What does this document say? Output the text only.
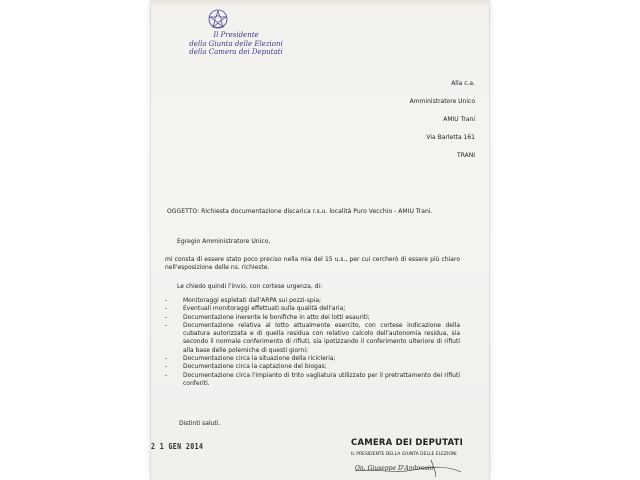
Il Presidente
della Giunta delle Elezioni
della Camera dei Deputati
Alla c.a.
Amministratore Unico
AMIU Trani
Via Barletta 161
TRANI
OGGETTO: Richiesta documentazione discarica r.s.u. località Puro Vecchio - AMIU Trani.
Egregio Amministratore Unico,
mi consta di essere stato poco preciso nella mia del 15 u.s., per cui cercherò di essere più chiaro nell'esposizione delle ns. richieste.
Le chiedo quindi l'invio, con cortese urgenza, di:
-	Monitoraggi espletati dall'ARPA sui pozzi-spia;
-	Eventuali monitoraggi effettuati sulla qualità dell'aria;
-	Documentazione inerente le bonifiche in atto dei lotti esauriti;
-	Documentazione relativa al lotto attualmente esercito, con cortese indicazione della cubatura autorizzata e di quella residua con relativo calcolo dell'autonomia residua, sia secondo il normale conferimento di rifiuti, sia ipotizzando il conferimento ulteriore di rifiuti alla base delle polemiche di questi giorni;
-	Documentazione circa la situazione della ricicleria;
-	Documentazione circa la captazione del biogas;
-	Documentazione circa l'impianto di trito vagliatura utilizzato per il pretrattamento dei rifiuti conferiti.
Distinti saluti.
2 1 GEN 2014	CAMERA DEI DEPUTATI
IL PRESIDENTE DELLA GIUNTA DELLE ELEZIONI
On. Giuseppe D'Ambrosio
